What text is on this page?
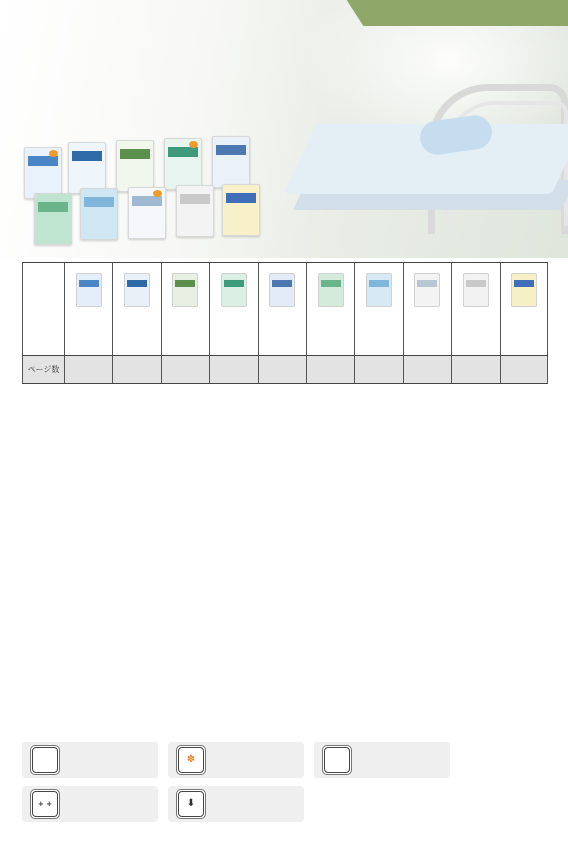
ページ数
✽
+ +	⬇
